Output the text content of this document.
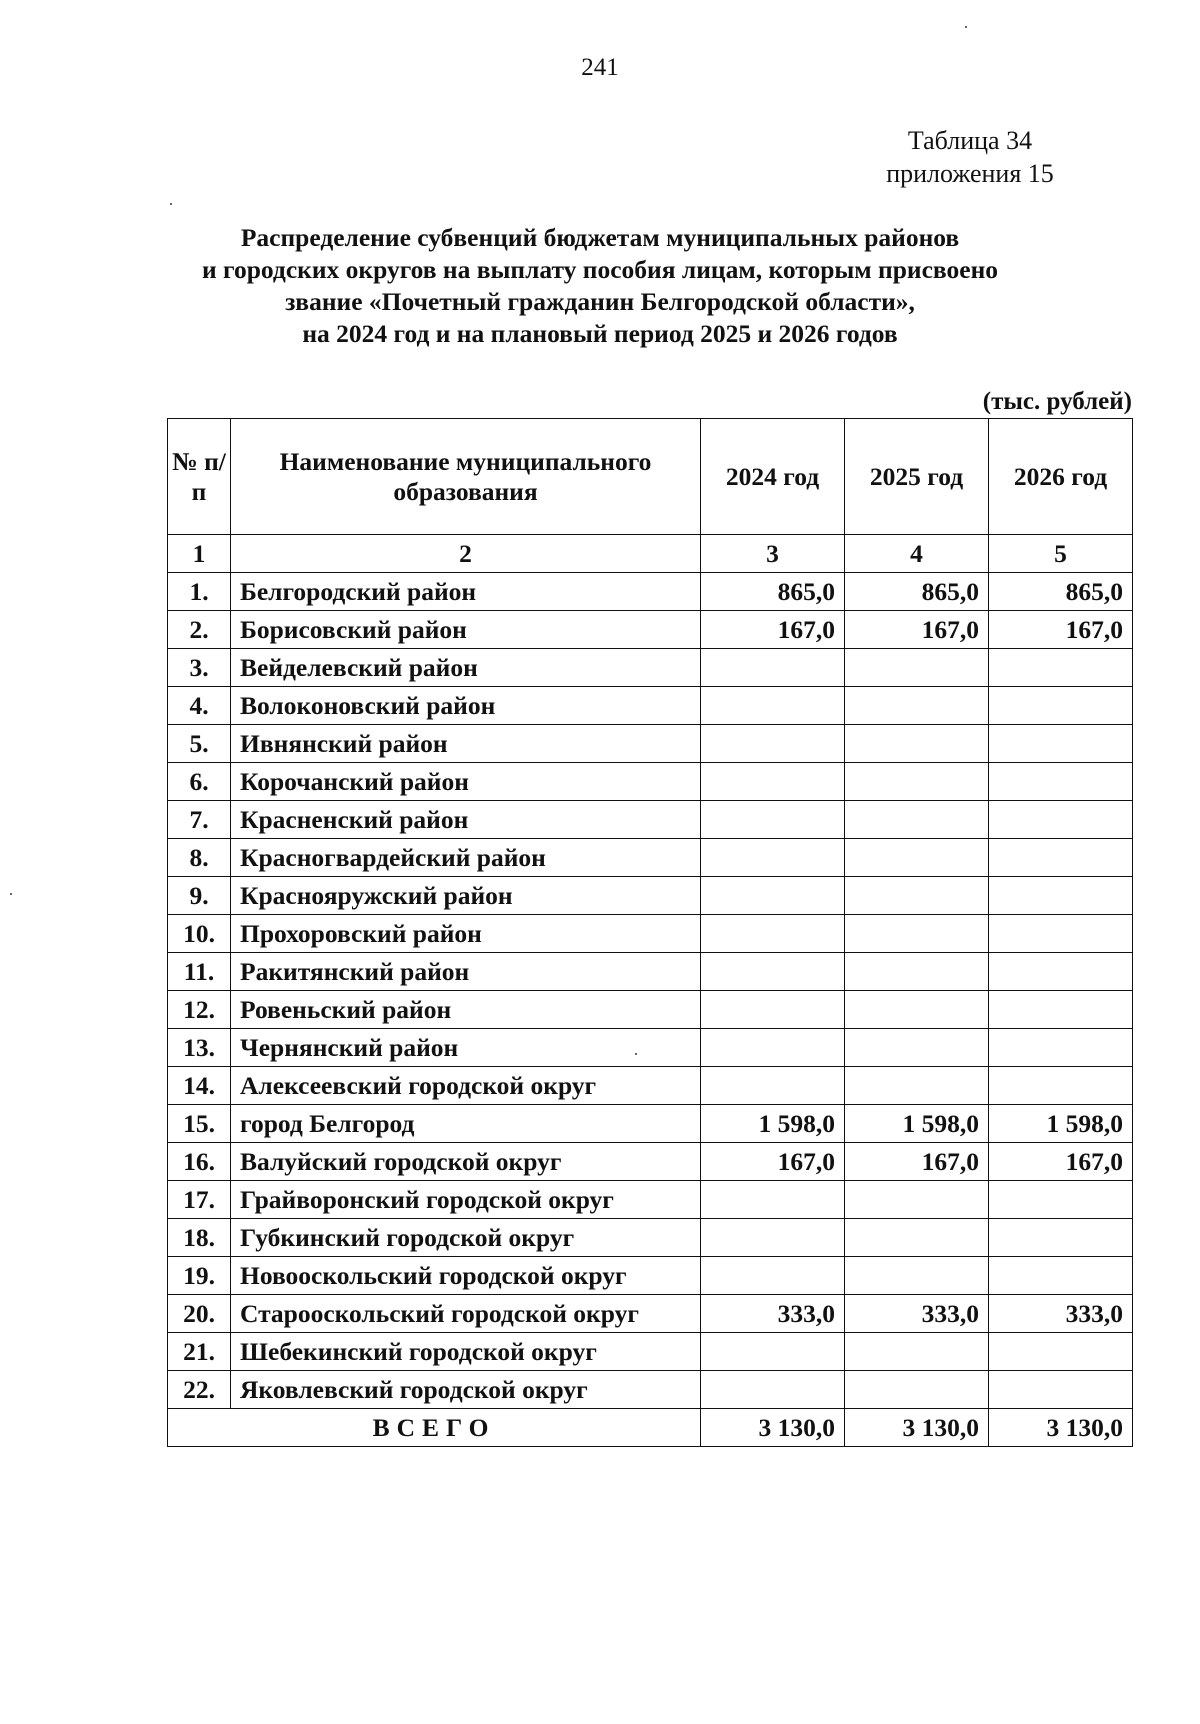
241
Таблица 34
приложения 15
Распределение субвенций бюджетам муниципальных районов
и городских округов на выплату пособия лицам, которым присвоено
звание «Почетный гражданин Белгородской области»,
на 2024 год и на плановый период 2025 и 2026 годов
(тыс. рублей)
№ п/п	Наименование муниципального образования	2024 год	2025 год	2026 год
1	2	3	4	5
1.	Белгородский район	865,0	865,0	865,0
2.	Борисовский район	167,0	167,0	167,0
3.	Вейделевский район			
4.	Волоконовский район			
5.	Ивнянский район			
6.	Корочанский район			
7.	Красненский район			
8.	Красногвардейский район			
9.	Краснояружский район			
10.	Прохоровский район			
11.	Ракитянский район			
12.	Ровеньский район			
13.	Чернянский район			
14.	Алексеевский городской округ			
15.	город Белгород	1 598,0	1 598,0	1 598,0
16.	Валуйский городской округ	167,0	167,0	167,0
17.	Грайворонский городской округ			
18.	Губкинский городской округ			
19.	Новооскольский городской округ			
20.	Старооскольский городской округ	333,0	333,0	333,0
21.	Шебекинский городской округ			
22.	Яковлевский городской округ			
ВСЕГО		3 130,0	3 130,0	3 130,0
